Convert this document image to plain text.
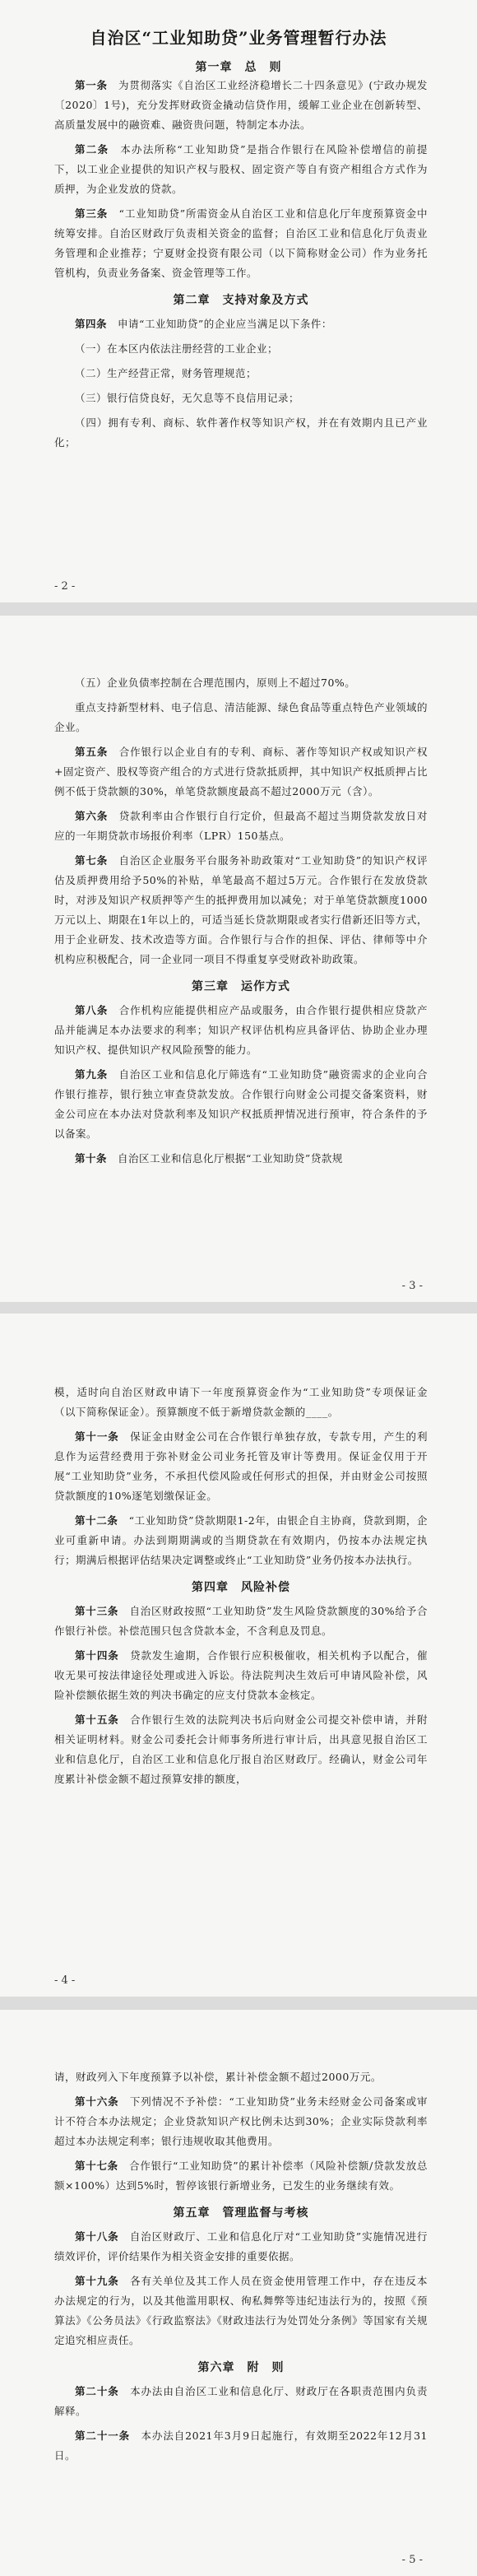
自治区“工业知助贷”业务管理暂行办法
第一章　总　则

第一条　 为贯彻落实《自治区工业经济稳增长二十四条意见》(宁政办规发〔2020〕1号)，充分发挥财政资金撬动信贷作用，缓解工业企业在创新转型、高质量发展中的融资难、融资贵问题，特制定本办法。

第二条　 本办法所称“工业知助贷”是指合作银行在风险补偿增信的前提下，以工业企业提供的知识产权与股权、固定资产等自有资产相组合方式作为质押，为企业发放的贷款。

第三条　 “工业知助贷”所需资金从自治区工业和信息化厅年度预算资金中统筹安排。自治区财政厅负责相关资金的监督；自治区工业和信息化厅负责业务管理和企业推荐；宁夏财金投资有限公司（以下简称财金公司）作为业务托管机构，负责业务备案、资金管理等工作。

第二章　支持对象及方式

第四条　 申请“工业知助贷”的企业应当满足以下条件：

（一）在本区内依法注册经营的工业企业；

（二）生产经营正常，财务管理规范；

（三）银行信贷良好，无欠息等不良信用记录；

（四）拥有专利、商标、软件著作权等知识产权，并在有效期内且已产业化；

- 2 -

（五）企业负债率控制在合理范围内，原则上不超过70%。

重点支持新型材料、电子信息、清洁能源、绿色食品等重点特色产业领域的企业。

第五条　 合作银行以企业自有的专利、商标、著作等知识产权或知识产权+固定资产、股权等资产组合的方式进行贷款抵质押，其中知识产权抵质押占比例不低于贷款额的30%，单笔贷款额度最高不超过2000万元（含）。

第六条　 贷款利率由合作银行自行定价，但最高不超过当期贷款发放日对应的一年期贷款市场报价利率（LPR）150基点。

第七条　 自治区企业服务平台服务补助政策对“工业知助贷”的知识产权评估及质押费用给予50%的补贴，单笔最高不超过5万元。合作银行在发放贷款时，对涉及知识产权质押等产生的抵押费用加以减免；对于单笔贷款额度1000万元以上、期限在1年以上的，可适当延长贷款期限或者实行借新还旧等方式，用于企业研发、技术改造等方面。合作银行与合作的担保、评估、律师等中介机构应积极配合，同一企业同一项目不得重复享受财政补助政策。

第三章　运作方式

第八条　 合作机构应能提供相应产品或服务，由合作银行提供相应贷款产品并能满足本办法要求的利率；知识产权评估机构应具备评估、协助企业办理知识产权、提供知识产权风险预警的能力。

第九条　 自治区工业和信息化厅筛选有“工业知助贷”融资需求的企业向合作银行推荐，银行独立审查贷款发放。合作银行向财金公司提交备案资料，财金公司应在本办法对贷款利率及知识产权抵质押情况进行预审，符合条件的予以备案。

第十条　 自治区工业和信息化厅根据“工业知助贷”贷款规

- 3 -

模，适时向自治区财政申请下一年度预算资金作为“工业知助贷”专项保证金（以下简称保证金）。预算额度不低于新增贷款金额的____。

第十一条　 保证金由财金公司在合作银行单独存放，专款专用，产生的利息作为运营经费用于弥补财金公司业务托管及审计等费用。保证金仅用于开展“工业知助贷”业务，不承担代偿风险或任何形式的担保，并由财金公司按照贷款额度的10%逐笔划缴保证金。

第十二条　 “工业知助贷”贷款期限1-2年，由银企自主协商，贷款到期，企业可重新申请。办法到期期满或的当期贷款在有效期内，仍按本办法规定执行；期满后根据评估结果决定调整或终止“工业知助贷”业务仍按本办法执行。

第四章　风险补偿

第十三条　 自治区财政按照“工业知助贷”发生风险贷款额度的30%给予合作银行补偿。补偿范围只包含贷款本金，不含利息及罚息。

第十四条　 贷款发生逾期，合作银行应积极催收，相关机构予以配合，催收无果可按法律途径处理或进入诉讼。待法院判决生效后可申请风险补偿，风险补偿额依据生效的判决书确定的应支付贷款本金核定。

第十五条　 合作银行生效的法院判决书后向财金公司提交补偿申请，并附相关证明材料。财金公司委托会计师事务所进行审计后，出具意见报自治区工业和信息化厅，自治区工业和信息化厅报自治区财政厅。经确认，财金公司年度累计补偿金额不超过预算安排的额度，

- 4 -

请，财政列入下年度预算予以补偿，累计补偿金额不超过2000万元。

第十六条　 下列情况不予补偿：“工业知助贷”业务未经财金公司备案或审计不符合本办法规定；企业贷款知识产权比例未达到30%；企业实际贷款利率超过本办法规定利率；银行违规收取其他费用。

第十七条　 合作银行“工业知助贷”的累计补偿率（风险补偿额/贷款发放总额×100%）达到5%时，暂停该银行新增业务，已发生的业务继续有效。

第五章　管理监督与考核

第十八条　 自治区财政厅、工业和信息化厅对“工业知助贷”实施情况进行绩效评价，评价结果作为相关资金安排的重要依据。

第十九条　 各有关单位及其工作人员在资金使用管理工作中，存在违反本办法规定的行为，以及其他滥用职权、徇私舞弊等违纪违法行为的，按照《预算法》《公务员法》《行政监察法》《财政违法行为处罚处分条例》等国家有关规定追究相应责任。

第六章　附　则

第二十条　 本办法由自治区工业和信息化厅、财政厅在各职责范围内负责解释。

第二十一条　 本办法自2021年3月9日起施行，有效期至2022年12月31日。

- 5 -
